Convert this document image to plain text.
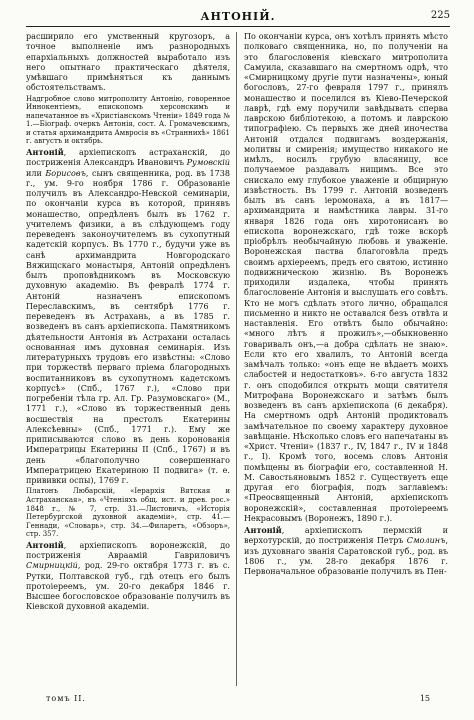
АНТОНІЙ.	225

расширило его умственный кругозоръ, а точное выполненіе имъ разнородныхъ епархіальныхъ должностей выработало изъ него опытнаго практическаго дѣятеля, умѣвшаго примѣняться къ даннымъ обстоятельствамъ.

Надгробное слово митрополиту Антонію, говоренное Иннокентіемъ, епископомъ херсонскимъ и напечатанное въ «Христіанскомъ Чтеніи» 1849 года № 1.—Біограф. очеркъ Антонія, сост. А. Громачевскимъ, и статья архимандрита Амвросія въ «Страннихѣ» 1861 г. августъ и октябрь.

Антоній, архіепископъ астраханскій, до постриженія Александръ Ивановичъ Румовскій или Борисовъ, сынъ священника, род. въ 1738 г., ум. 9-го ноября 1786 г. Образованіе получилъ въ Александро-Невской семинаріи, по окончаніи курса въ которой, принявъ монашество, опредѣленъ былъ въ 1762 г. учителемъ физики, а въ слѣдующемъ году переведенъ законоучителемъ въ сухопутный кадетскій корпусъ. Въ 1770 г., будучи уже въ санѣ архимандрита Новгородскаго Вяжищскаго монастыря, Антоній опредѣленъ былъ проповѣдникомъ въ Московскую духовную академію. Въ февралѣ 1774 г. Антоній назначенъ епископомъ Переславскимъ, въ сентябрѣ 1776 г. переведенъ въ Астрахань, а въ 1785 г. возведенъ въ санъ архіепископа. Памятникомъ дѣятельности Антонія въ Астрахани осталась основанная имъ духовная семинарія. Изъ литературныхъ трудовъ его извѣстны: «Слово при торжествѣ перваго пріема благородныхъ воспитанниковъ въ сухопутномъ кадетскомъ корпусѣ» (Спб., 1767 г.), «Слово при погребеніи тѣла гр. Ал. Гр. Разумовскаго» (М., 1771 г.), «Слово въ торжественный день восшествія на престолъ Екатерины Алексѣевны» (Спб., 1771 г.). Ему же приписываются слово въ день коронованія Императрицы Екатерины II (Спб., 1767) и въ день «благополучно совершеннаго Императрицею Екатериною II подвига» (т. е. прививки оспы), 1769 г.

Платонъ Любарскій, «Іерархія Вятская и Астраханская», въ «Чтеніяхъ общ. ист. и древ. рос.» 1848 г., № 7, стр. 31.—Листовичъ, «Исторія Петербургской духовной академіи», стр. 41.—Геннади, «Словарь», стр. 34.—Филаретъ, «Обзоръ», стр. 357.

Антоній, архіепископъ воронежскій, до постриженія Авраамій Гавриловичъ Смирницкій, род. 29-го октября 1773 г. въ с. Рутки, Полтавской губ., гдѣ отецъ его былъ протоіереемъ, ум. 20-го декабря 1846 г. Высшее богословское образованіе получилъ въ Кіевской духовной академіи.

По окончаніи курса, онъ хотѣлъ принять мѣсто полковаго священника, но, по полученіи на это благословенія кіевскаго митрополита Самуила, сказавшаго на смертномъ одрѣ, что «Смирницкому другіе пути назначены», юный богословъ, 27-го февраля 1797 г., принялъ монашество и поселился въ Кіево-Печерской лаврѣ, гдѣ ему поручили завѣдывать сперва лаврскою библіотекою, а потомъ и лаврскою типографіею. Съ первыхъ же дней иночества Антоній отдался подвигамъ воздержанія, молитвы и смиренія; имущество никакого не имѣлъ, носилъ грубую власяницу, все получаемое раздавалъ нищимъ. Все это снискало ему глубокое уваженіе и общирную извѣстность. Въ 1799 г. Антоній возведенъ былъ въ санъ іеромонаха, а въ 1817—архимандрита и намѣстника лавры. 31-го января 1826 года онъ хиротонисанъ во епископа воронежскаго, гдѣ тоже вскорѣ пріобрѣлъ необычайную любовь и уваженіе. Воронежская паства благоговѣла предъ своимъ архіереемъ, предъ его святою, истинно подвижническою жизнію. Въ Воронежъ приходили издалека, чтобы принять благословеніе Антонія и выслушать его совѣтъ. Кто не могъ сдѣлать этого лично, обращался письменно и никто не оставался безъ отвѣта и наставленія. Его отвѣтъ было обычайно: «много лѣтъ я прожилъ»,—обыкновенно говаривалъ онъ,—а добра сдѣлать не знаю». Если кто его хвалилъ, то Антоній всегда замѣчалъ только: «онъ еще не вѣдаетъ моихъ слабостей и недостатковъ». 6-го августа 1832 г. онъ сподобился открыть мощи святителя Митрофана Воронежскаго и затѣмъ былъ возведенъ въ санъ архіепископа (6 декабря). На смертномъ одрѣ Антоній продиктовалъ замѣчательное по своему характеру духовное завѣщаніе. Нѣсколько словъ его напечатаны въ «Христ. Чтеніи» (1837 г., IV, 1847 г., IV и 1848 г., I). Кромѣ того, восемь словъ Антонія помѣщены въ біографіи его, составленной Н. М. Савостьяновымъ 1852 г. Существуетъ еще другая его біографія, подъ заглавіемъ: «Преосвященный Антоній, архіепископъ воронежскій», составленная протоіереемъ Некрасовымъ (Воронежъ, 1890 г.).

Антоній, архіепископъ пермскій и верхотурскій, до постриженія Петръ Смолинъ, изъ духовнаго званія Саратовской губ., род. въ 1806 г., ум. 28-го декабря 1876 г. Первоначальное образованіе получилъ въ Пен-

томъ II.	15
